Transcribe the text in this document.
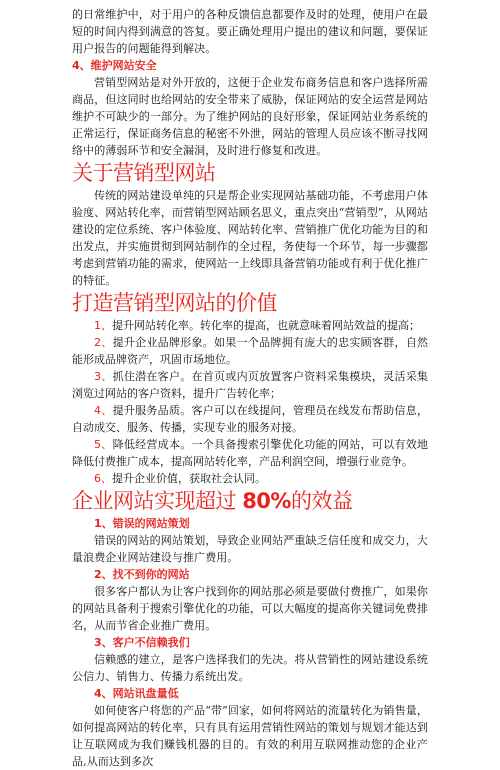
的日常维护中，对于用户的各种反馈信息都要作及时的处理，使用户在最短的时间内得到满意的答复。要正确处理用户提出的建议和问题，要保证用户报告的问题能得到解决。

4、维护网站安全

营销型网站是对外开放的，这便于企业发布商务信息和客户选择所需商品，但这同时也给网站的安全带来了威胁，保证网站的安全运营是网站维护不可缺少的一部分。为了维护网站的良好形象，保证网站业务系统的正常运行，保证商务信息的秘密不外泄，网站的管理人员应该不断寻找网络中的薄弱环节和安全漏洞，及时进行修复和改进。

关于营销型网站

传统的网站建设单纯的只是帮企业实现网站基础功能，不考虑用户体验度、网站转化率，而营销型网站顾名思义，重点突出“营销型”，从网站建设的定位系统、客户体验度、网站转化率、营销推广优化功能为目的和出发点，并实施贯彻到网站制作的全过程，务使每一个环节，每一步骤都考虑到营销功能的需求，使网站一上线即具备营销功能或有利于优化推广的特征。

打造营销型网站的价值

1、提升网站转化率。转化率的提高，也就意味着网站效益的提高；

2、提升企业品牌形象。如果一个品牌拥有庞大的忠实顾客群，自然能形成品牌资产，巩固市场地位。

3、抓住潜在客户。在首页或内页放置客户资料采集模块，灵活采集浏览过网站的客户资料，提升广告转化率；

4、提升服务品质。客户可以在线提问，管理员在线发布帮助信息，自动成交、服务、传播，实现专业的服务对接。

5、降低经营成本。一个具备搜索引擎优化功能的网站，可以有效地降低付费推广成本，提高网站转化率，产品利润空间，增强行业竞争。

6、提升企业价值，获取社会认同。

企业网站实现超过 80%的效益

1、错误的网站策划

错误的网站的网站策划，导致企业网站严重缺乏信任度和成交力，大量浪费企业网站建设与推广费用。

2、找不到你的网站

很多客户都认为让客户找到你的网站那必须是要做付费推广，如果你的网站具备利于搜索引擎优化的功能，可以大幅度的提高你关键词免费排名，从而节省企业推广费用。

3、客户不信赖我们

信赖感的建立，是客户选择我们的先决。将从营销性的网站建设系统公信力、销售力、传播力系统出发。

4、网站讯盘量低

如何使客户将您的产品“带”回家，如何将网站的流量转化为销售量，如何提高网站的转化率，只有具有运用营销性网站的策划与规划才能达到让互联网成为我们赚钱机器的目的。有效的利用互联网推动您的企业产品,从而达到多次
